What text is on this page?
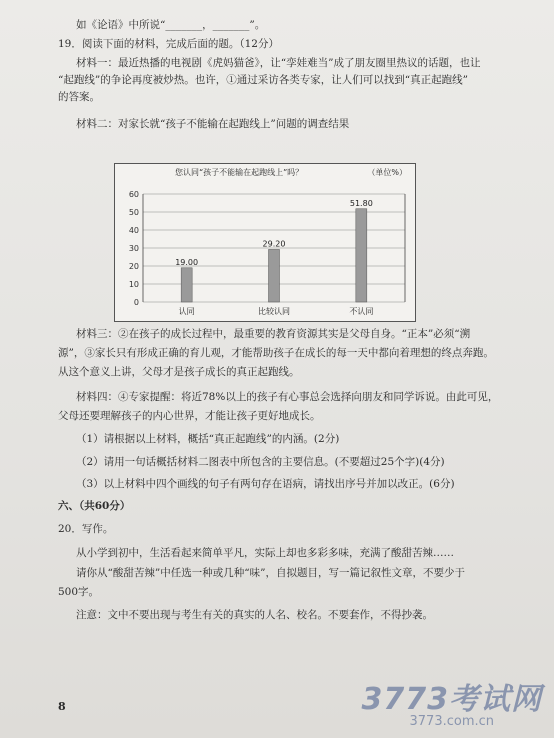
如《论语》中所说“_______，_______”。
19．阅读下面的材料，完成后面的题。（12分）
材料一：最近热播的电视剧《虎妈猫爸》，让“孪娃难当”成了朋友圈里热议的话题，也让
“起跑线”的争论再度被炒热。也许，①通过采访各类专家，让人们可以找到“真正起跑线”
的答案。
材料二：对家长就“孩子不能输在起跑线上”问题的调查结果
您认同“孩子不能输在起跑线上”吗？	（单位%）
0
10
20
30
40
50
60
19.00
认同
29.20
比较认同
51.80
不认同
材料三：②在孩子的成长过程中，最重要的教育资源其实是父母自身。“正本”必须“溯
源”，③家长只有形成正确的育儿观，才能帮助孩子在成长的每一天中都向着理想的终点奔跑。
从这个意义上讲，父母才是孩子成长的真正起跑线。
材料四：④专家提醒：将近78%以上的孩子有心事总会选择向朋友和同学诉说。由此可见，
父母还要理解孩子的内心世界，才能让孩子更好地成长。
（1）请根据以上材料，概括“真正起跑线”的内涵。(2分)
（2）请用一句话概括材料二图表中所包含的主要信息。(不要超过25个字)(4分)
（3）以上材料中四个画线的句子有两句存在语病，请找出序号并加以改正。(6分)
六、（共60分）
20．写作。
从小学到初中，生活看起来简单平凡，实际上却也多彩多味，充满了酸甜苦辣……
请你从“酸甜苦辣”中任选一种或几种“味”，自拟题目，写一篇记叙性文章，不要少于
500字。
注意：文中不要出现与考生有关的真实的人名、校名。不要套作，不得抄袭。
8	3773考试网
3773.com.cn
